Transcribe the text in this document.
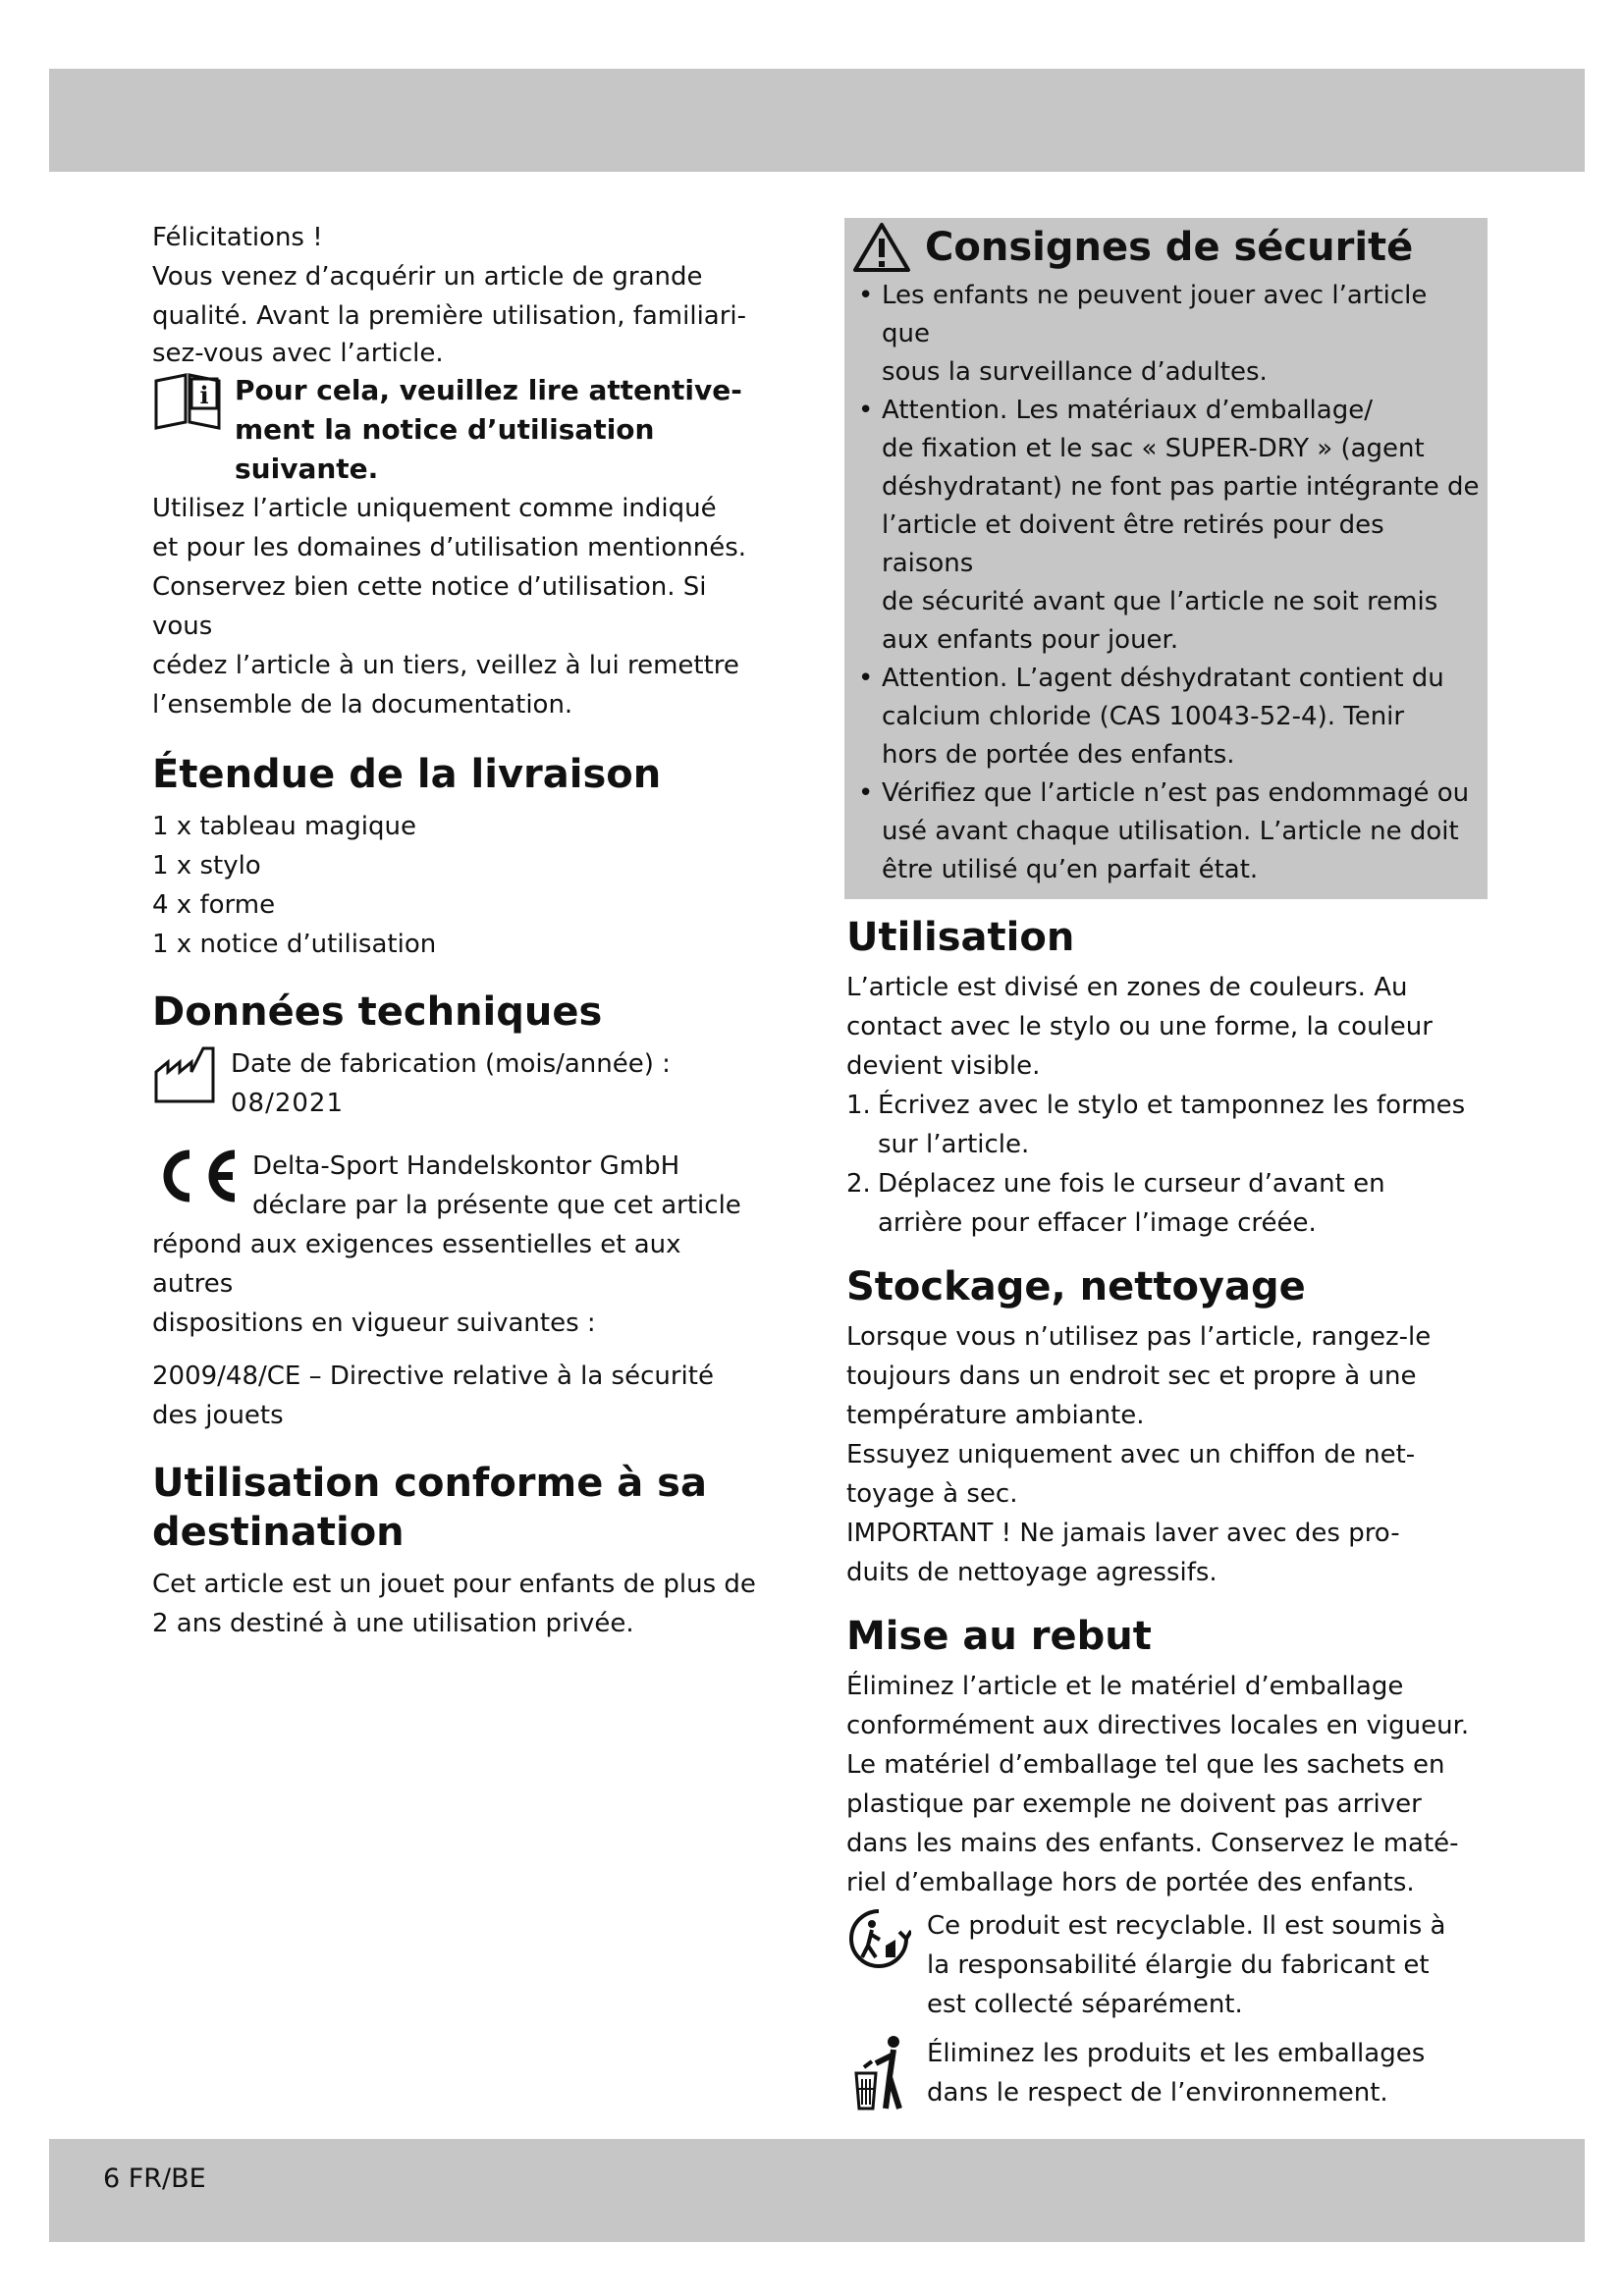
Félicitations !

Vous venez d’acquérir un article de grande

qualité. Avant la première utilisation, familiari-

sez-vous avec l’article.

i Pour cela, veuillez lire attentive-
ment la notice d’utilisation
suivante.

Utilisez l’article uniquement comme indiqué

et pour les domaines d’utilisation mentionnés.

Conservez bien cette notice d’utilisation. Si vous

cédez l’article à un tiers, veillez à lui remettre

l’ensemble de la documentation.

Étendue de la livraison

1 x tableau magique

1 x stylo

4 x forme

1 x notice d’utilisation

Données techniques

Date de fabrication (mois/année) :

08/2021

Delta-Sport Handelskontor GmbH

déclare par la présente que cet article

répond aux exigences essentielles et aux autres

dispositions en vigueur suivantes :

2009/48/CE – Directive relative à la sécurité

des jouets

Utilisation conforme à sa
destination

Cet article est un jouet pour enfants de plus de

2 ans destiné à une utilisation privée.

Consignes de sécurité
• Les enfants ne peuvent jouer avec l’article que
sous la surveillance d’adultes.
• Attention. Les matériaux d’emballage/
de fixation et le sac « SUPER-DRY » (agent
déshydratant) ne font pas partie intégrante de
l’article et doivent être retirés pour des raisons
de sécurité avant que l’article ne soit remis
aux enfants pour jouer.
• Attention. L’agent déshydratant contient du
calcium chloride (CAS 10043-52-4). Tenir
hors de portée des enfants.
• Vérifiez que l’article n’est pas endommagé ou
usé avant chaque utilisation. L’article ne doit
être utilisé qu’en parfait état.
Utilisation

L’article est divisé en zones de couleurs. Au

contact avec le stylo ou une forme, la couleur

devient visible.

1. Écrivez avec le stylo et tamponnez les formes
sur l’article.
2. Déplacez une fois le curseur d’avant en
arrière pour effacer l’image créée.
Stockage, nettoyage

Lorsque vous n’utilisez pas l’article, rangez-le

toujours dans un endroit sec et propre à une

température ambiante.

Essuyez uniquement avec un chiffon de net-

toyage à sec.

IMPORTANT ! Ne jamais laver avec des pro-

duits de nettoyage agressifs.

Mise au rebut

Éliminez l’article et le matériel d’emballage

conformément aux directives locales en vigueur.

Le matériel d’emballage tel que les sachets en

plastique par exemple ne doivent pas arriver

dans les mains des enfants. Conservez le maté-

riel d’emballage hors de portée des enfants.

Ce produit est recyclable. Il est soumis à

la responsabilité élargie du fabricant et

est collecté séparément.

Éliminez les produits et les emballages

dans le respect de l’environnement.

6 FR/BE
